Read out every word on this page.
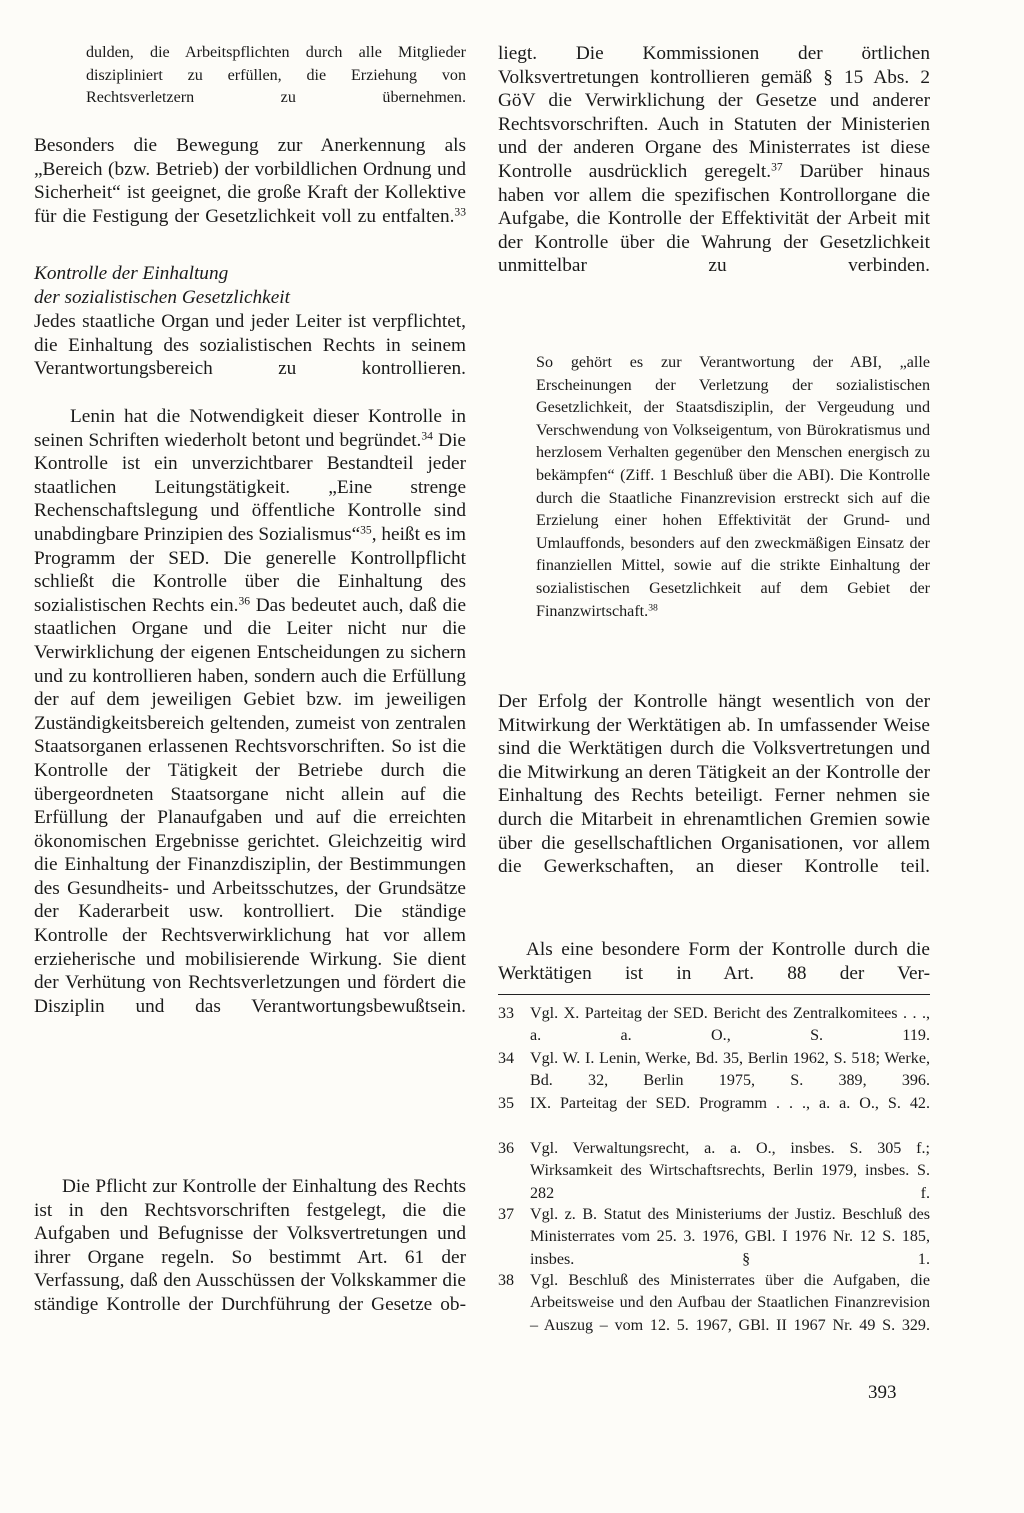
dulden, die Arbeitspflichten durch alle Mitglieder diszipliniert zu erfüllen, die Erziehung von Rechtsverletzern zu übernehmen.

Besonders die Bewegung zur Anerkennung als „Bereich (bzw. Betrieb) der vorbildlichen Ordnung und Sicherheit“ ist geeignet, die große Kraft der Kollektive für die Festigung der Gesetzlichkeit voll zu entfalten.$^{33}$

Kontrolle der Einhaltung
der sozialistischen Gesetzlichkeit

Jedes staatliche Organ und jeder Leiter ist verpflichtet, die Einhaltung des sozialistischen Rechts in seinem Verantwortungsbereich zu kontrollieren.

Lenin hat die Notwendigkeit dieser Kontrolle in seinen Schriften wiederholt betont und begründet.$^{34}$ Die Kontrolle ist ein unverzichtbarer Bestandteil jeder staatlichen Leitungstätigkeit. „Eine strenge Rechenschaftslegung und öffentliche Kontrolle sind unabdingbare Prinzipien des Sozialismus“$^{35}$, heißt es im Programm der SED. Die generelle Kontrollpflicht schließt die Kontrolle über die Einhaltung des sozialistischen Rechts ein.$^{36}$ Das bedeutet auch, daß die staatlichen Organe und die Leiter nicht nur die Verwirklichung der eigenen Entscheidungen zu sichern und zu kontrollieren haben, sondern auch die Erfüllung der auf dem jeweiligen Gebiet bzw. im jeweiligen Zuständigkeitsbereich geltenden, zumeist von zentralen Staatsorganen erlassenen Rechtsvorschriften. So ist die Kontrolle der Tätigkeit der Betriebe durch die übergeordneten Staatsorgane nicht allein auf die Erfüllung der Planaufgaben und auf die erreichten ökonomischen Ergebnisse gerichtet. Gleichzeitig wird die Einhaltung der Finanzdisziplin, der Bestimmungen des Gesundheits- und Arbeitsschutzes, der Grundsätze der Kaderarbeit usw. kontrolliert. Die ständige Kontrolle der Rechtsverwirklichung hat vor allem erzieherische und mobilisierende Wirkung. Sie dient der Verhütung von Rechtsverletzungen und fördert die Disziplin und das Verantwortungsbewußtsein.

Die Pflicht zur Kontrolle der Einhaltung des Rechts ist in den Rechtsvorschriften festgelegt, die die Aufgaben und Befugnisse der Volksvertretungen und ihrer Organe regeln. So bestimmt Art. 61 der Verfassung, daß den Ausschüssen der Volkskammer die ständige Kontrolle der Durchführung der Gesetze ob-

liegt. Die Kommissionen der örtlichen Volksvertretungen kontrollieren gemäß § 15 Abs. 2 GöV die Verwirklichung der Gesetze und anderer Rechtsvorschriften. Auch in Statuten der Ministerien und der anderen Organe des Ministerrates ist diese Kontrolle ausdrücklich geregelt.$^{37}$ Darüber hinaus haben vor allem die spezifischen Kontrollorgane die Aufgabe, die Kontrolle der Effektivität der Arbeit mit der Kontrolle über die Wahrung der Gesetzlichkeit unmittelbar zu verbinden.

So gehört es zur Verantwortung der ABI, „alle Erscheinungen der Verletzung der sozialistischen Gesetzlichkeit, der Staatsdisziplin, der Vergeudung und Verschwendung von Volkseigentum, von Bürokratismus und herzlosem Verhalten gegenüber den Menschen energisch zu bekämpfen“ (Ziff. 1 Beschluß über die ABI). Die Kontrolle durch die Staatliche Finanzrevision erstreckt sich auf die Erzielung einer hohen Effektivität der Grund- und Umlauffonds, besonders auf den zweckmäßigen Einsatz der finanziellen Mittel, sowie auf die strikte Einhaltung der sozialistischen Gesetzlichkeit auf dem Gebiet der Finanzwirtschaft.$^{38}$

Der Erfolg der Kontrolle hängt wesentlich von der Mitwirkung der Werktätigen ab. In umfassender Weise sind die Werktätigen durch die Volksvertretungen und die Mitwirkung an deren Tätigkeit an der Kontrolle der Einhaltung des Rechts beteiligt. Ferner nehmen sie durch die Mitarbeit in ehrenamtlichen Gremien sowie über die gesellschaftlichen Organisationen, vor allem die Gewerkschaften, an dieser Kontrolle teil.

Als eine besondere Form der Kontrolle durch die Werktätigen ist in Art. 88 der Ver-

33 Vgl. X. Parteitag der SED. Bericht des Zentralkomitees . . ., a. a. O., S. 119.
34 Vgl. W. I. Lenin, Werke, Bd. 35, Berlin 1962, S. 518; Werke, Bd. 32, Berlin 1975, S. 389, 396.
35 IX. Parteitag der SED. Programm . . ., a. a. O., S. 42.
36 Vgl. Verwaltungsrecht, a. a. O., insbes. S. 305 f.; Wirksamkeit des Wirtschaftsrechts, Berlin 1979, insbes. S. 282 f.
37 Vgl. z. B. Statut des Ministeriums der Justiz. Beschluß des Ministerrates vom 25. 3. 1976, GBl. I 1976 Nr. 12 S. 185, insbes. § 1.
38 Vgl. Beschluß des Ministerrates über die Aufgaben, die Arbeitsweise und den Aufbau der Staatlichen Finanzrevision – Auszug – vom 12. 5. 1967, GBl. II 1967 Nr. 49 S. 329.
393
